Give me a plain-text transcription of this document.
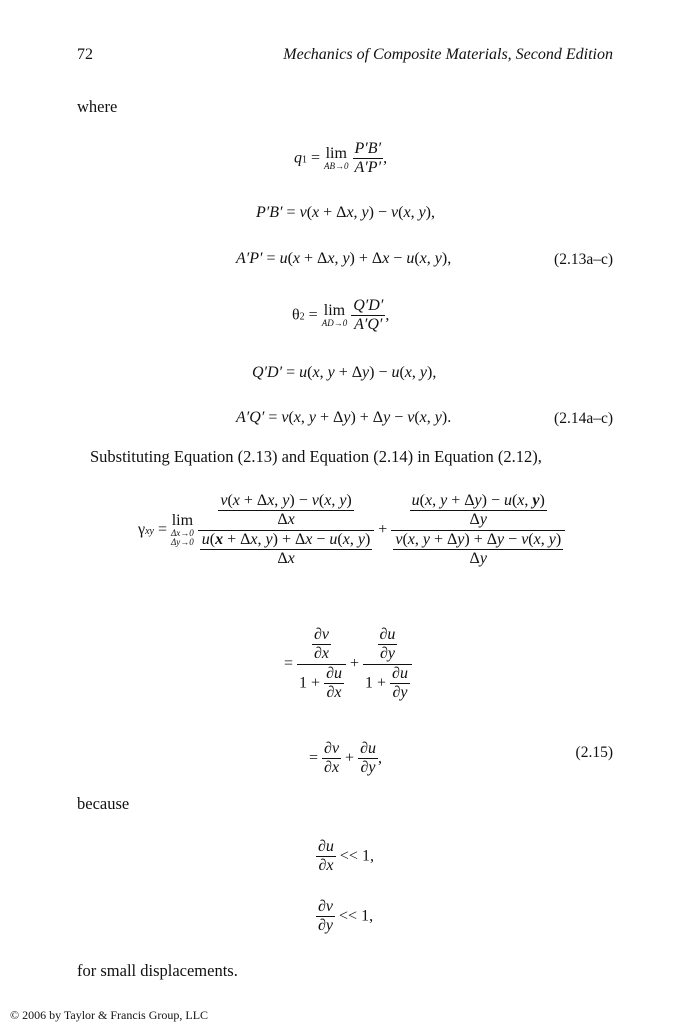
72	Mechanics of Composite Materials, Second Edition
where
q1 = lim
AB→0
$\frac{P'B'}{A'P'}$ ,
P′B′ = v(x + Δx, y) − v(x, y),
A′P′ = u(x + Δx, y) + Δx − u(x, y),	(2.13a–c)
θ2 = lim
AD→0
$\frac{Q'D'}{A'Q'}$ ,
Q′D′ = u(x, y + Δy) − u(x, y),
A′Q′ = v(x, y + Δy) + Δy − v(x, y).	(2.14a–c)
Substituting Equation (2.13) and Equation (2.14) in Equation (2.12),
γxy = lim
Δx→0
Δy→0
$\frac{\frac{v(x + \Delta x, y) - v(x, y)}{\Delta x}}{\frac{u(x + \Delta x, y) + \Delta x - u(x, y)}{\Delta x}} + \frac{\frac{u(x, y + \Delta y) - u(x, y)}{\Delta y}}{\frac{v(x, y + \Delta y) + \Delta y - v(x, y)}{\Delta y}}$
= $\frac{\frac{\partial v}{\partial x}}{1 + \frac{\partial u}{\partial x}} + \frac{\frac{\partial u}{\partial y}}{1 + \frac{\partial u}{\partial y}}$
= $\frac{\partial v}{\partial x} + \frac{\partial u}{\partial y}$ ,	(2.15)
because
$\frac{\partial u}{\partial x} << 1$,
$\frac{\partial v}{\partial y} << 1$,
for small displacements.
© 2006 by Taylor & Francis Group, LLC
